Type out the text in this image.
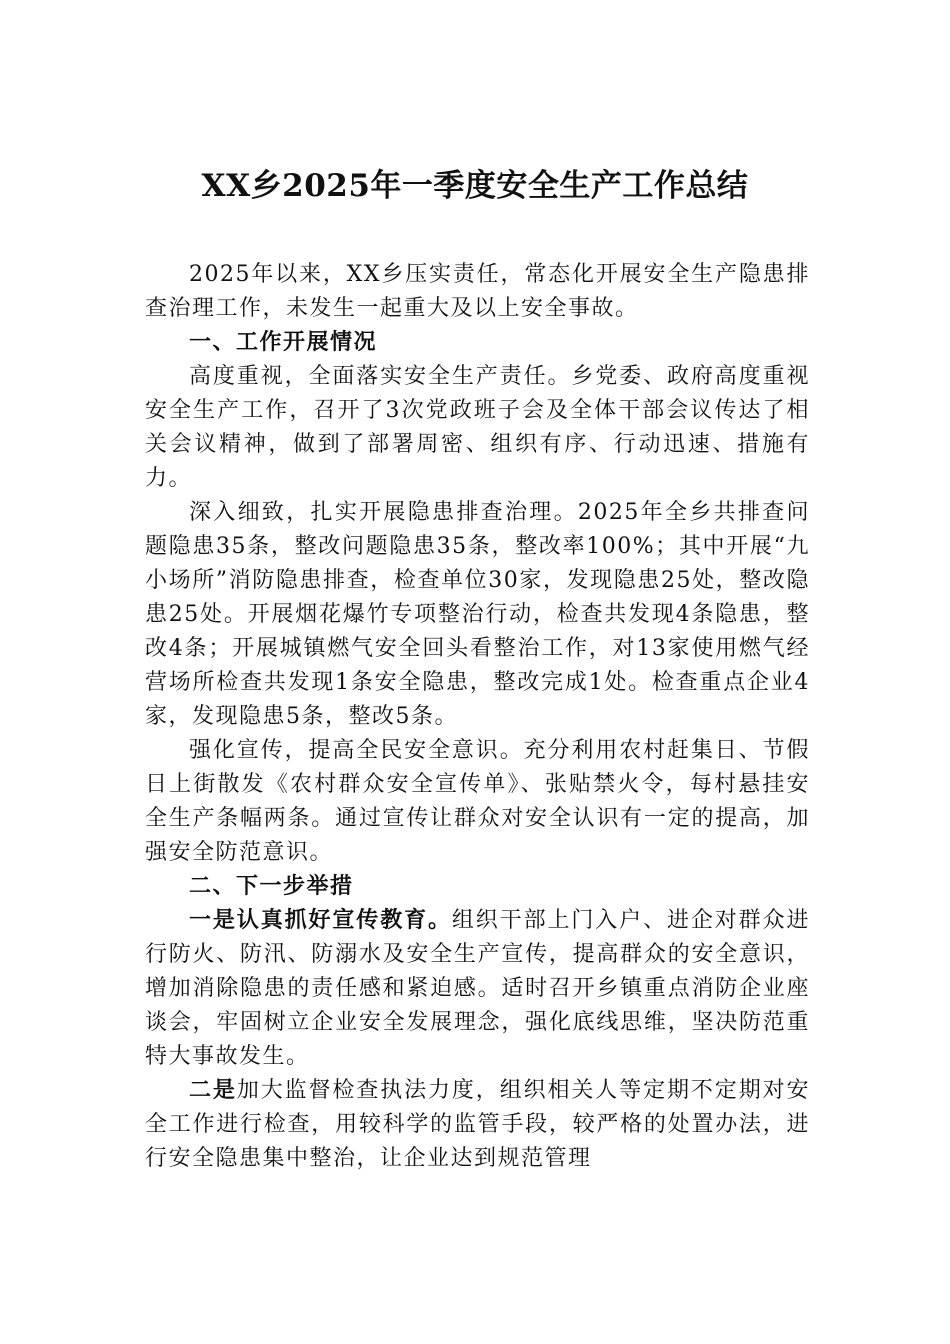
XX乡2025年一季度安全生产工作总结

2025年以来，XX乡压实责任，常态化开展安全生产隐患排查治理工作，未发生一起重大及以上安全事故。

一、工作开展情况

高度重视，全面落实安全生产责任。乡党委、政府高度重视安全生产工作，召开了3次党政班子会及全体干部会议传达了相关会议精神，做到了部署周密、组织有序、行动迅速、措施有力。

深入细致，扎实开展隐患排查治理。2025年全乡共排查问题隐患35条，整改问题隐患35条，整改率100%；其中开展“九小场所”消防隐患排查，检查单位30家，发现隐患25处，整改隐患25处。开展烟花爆竹专项整治行动，检查共发现4条隐患，整改4条；开展城镇燃气安全回头看整治工作，对13家使用燃气经营场所检查共发现1条安全隐患，整改完成1处。检查重点企业4家，发现隐患5条，整改5条。

强化宣传，提高全民安全意识。充分利用农村赶集日、节假日上街散发《农村群众安全宣传单》、张贴禁火令，每村悬挂安全生产条幅两条。通过宣传让群众对安全认识有一定的提高，加强安全防范意识。

二、下一步举措

一是认真抓好宣传教育。组织干部上门入户、进企对群众进行防火、防汛、防溺水及安全生产宣传，提高群众的安全意识，增加消除隐患的责任感和紧迫感。适时召开乡镇重点消防企业座谈会，牢固树立企业安全发展理念，强化底线思维，坚决防范重特大事故发生。

二是加大监督检查执法力度，组织相关人等定期不定期对安全工作进行检查，用较科学的监管手段，较严格的处置办法，进行安全隐患集中整治，让企业达到规范管理
